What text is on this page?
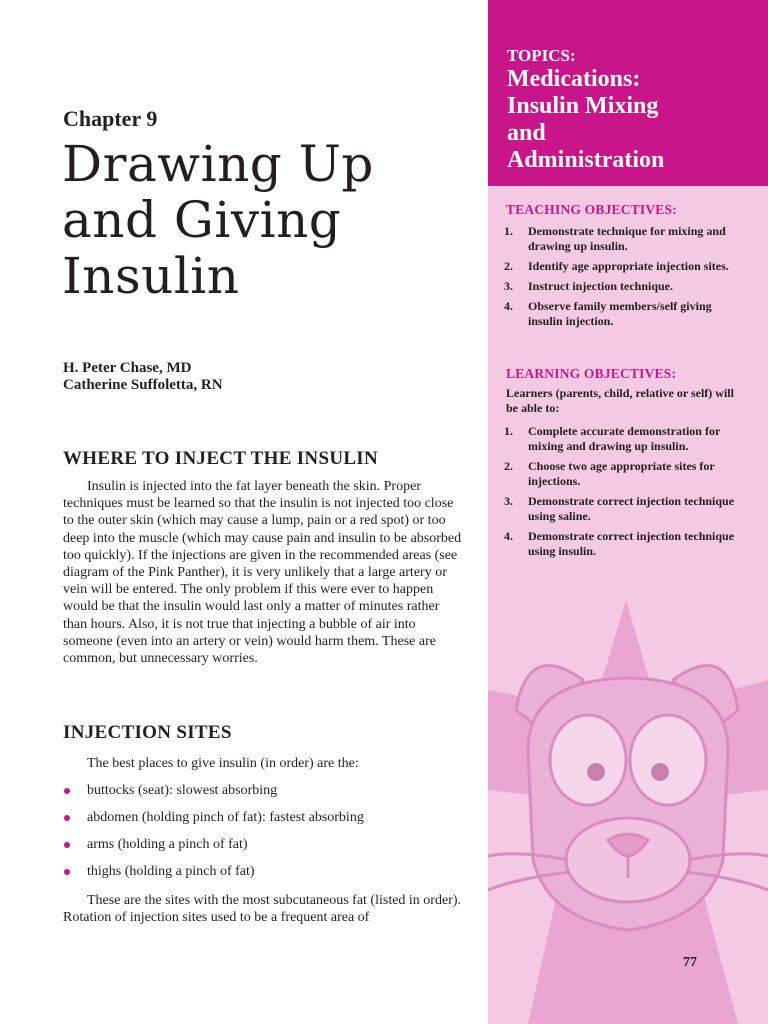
Chapter 9
Drawing Up
and Giving
Insulin
H. Peter Chase, MD
Catherine Suffoletta, RN
WHERE TO INJECT THE INSULIN

Insulin is injected into the fat layer beneath the skin. Proper techniques must be learned so that the insulin is not injected too close to the outer skin (which may cause a lump, pain or a red spot) or too deep into the muscle (which may cause pain and insulin to be absorbed too quickly). If the injections are given in the recommended areas (see diagram of the Pink Panther), it is very unlikely that a large artery or vein will be entered. The only problem if this were ever to happen would be that the insulin would last only a matter of minutes rather than hours. Also, it is not true that injecting a bubble of air into someone (even into an artery or vein) would harm them. These are common, but unnecessary worries.

INJECTION SITES

The best places to give insulin (in order) are the:

buttocks (seat): slowest absorbing
abdomen (holding pinch of fat): fastest absorbing
arms (holding a pinch of fat)
thighs (holding a pinch of fat)

These are the sites with the most subcutaneous fat (listed in order). Rotation of injection sites used to be a frequent area of

TOPICS:
Medications:
Insulin Mixing
and
Administration
TEACHING OBJECTIVES:
1. Demonstrate technique for mixing and drawing up insulin.
2. Identify age appropriate injection sites.
3. Instruct injection technique.
4. Observe family members/self giving insulin injection.
LEARNING OBJECTIVES:
Learners (parents, child, relative or self) will be able to:
1. Complete accurate demonstration for mixing and drawing up insulin.
2. Choose two age appropriate sites for injections.
3. Demonstrate correct injection technique using saline.
4. Demonstrate correct injection technique using insulin.
77
